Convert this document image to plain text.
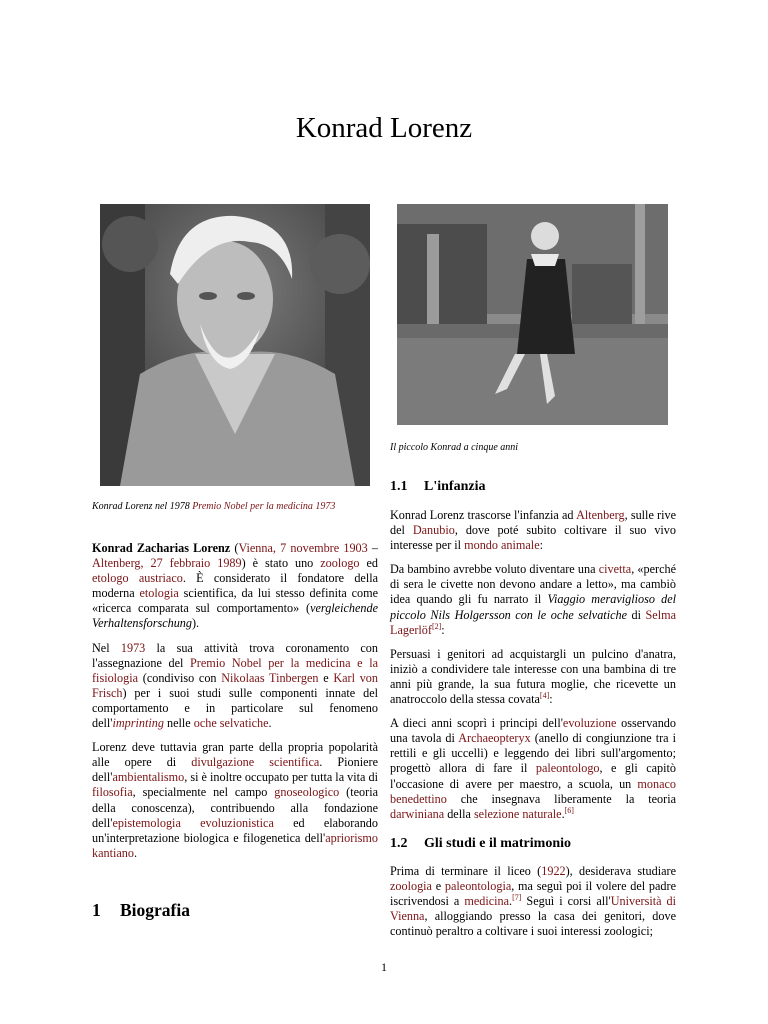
Konrad Lorenz
Konrad Lorenz nel 1978 Premio Nobel per la medicina 1973
Il piccolo Konrad a cinque anni

Konrad Zacharias Lorenz (Vienna, 7 novembre 1903 – Altenberg, 27 febbraio 1989) è stato uno zoologo ed etologo austriaco. È considerato il fondatore della moderna etologia scientifica, da lui stesso definita come «ricerca comparata sul comportamento» (vergleichende Verhaltensforschung).

Nel 1973 la sua attività trova coronamento con l'assegnazione del Premio Nobel per la medicina e la fisiologia (condiviso con Nikolaas Tinbergen e Karl von Frisch) per i suoi studi sulle componenti innate del comportamento e in particolare sul fenomeno dell'imprinting nelle oche selvatiche.

Lorenz deve tuttavia gran parte della propria popolarità alle opere di divulgazione scientifica. Pioniere dell'ambientalismo, si è inoltre occupato per tutta la vita di filosofia, specialmente nel campo gnoseologico (teoria della conoscenza), contribuendo alla fondazione dell'epistemologia evoluzionistica ed elaborando un'interpretazione biologica e filogenetica dell'apriorismo kantiano.

1 Biografia
1.1 L'infanzia

Konrad Lorenz trascorse l'infanzia ad Altenberg, sulle rive del Danubio, dove poté subito coltivare il suo vivo interesse per il mondo animale:

Da bambino avrebbe voluto diventare una civetta, «perché di sera le civette non devono andare a letto», ma cambiò idea quando gli fu narrato il Viaggio meraviglioso del piccolo Nils Holgersson con le oche selvatiche di Selma Lagerlöf[2]:

Persuasi i genitori ad acquistargli un pulcino d'anatra, iniziò a condividere tale interesse con una bambina di tre anni più grande, la sua futura moglie, che ricevette un anatroccolo della stessa covata[4]:

A dieci anni scoprì i principi dell'evoluzione osservando una tavola di Archaeopteryx (anello di congiunzione tra i rettili e gli uccelli) e leggendo dei libri sull'argomento; progettò allora di fare il paleontologo, e gli capitò l'occasione di avere per maestro, a scuola, un monaco benedettino che insegnava liberamente la teoria darwiniana della selezione naturale.[6]

1.2 Gli studi e il matrimonio

Prima di terminare il liceo (1922), desiderava studiare zoologia e paleontologia, ma seguì poi il volere del padre iscrivendosi a medicina.[7] Seguì i corsi all'Università di Vienna, alloggiando presso la casa dei genitori, dove continuò peraltro a coltivare i suoi interessi zoologici;

1
